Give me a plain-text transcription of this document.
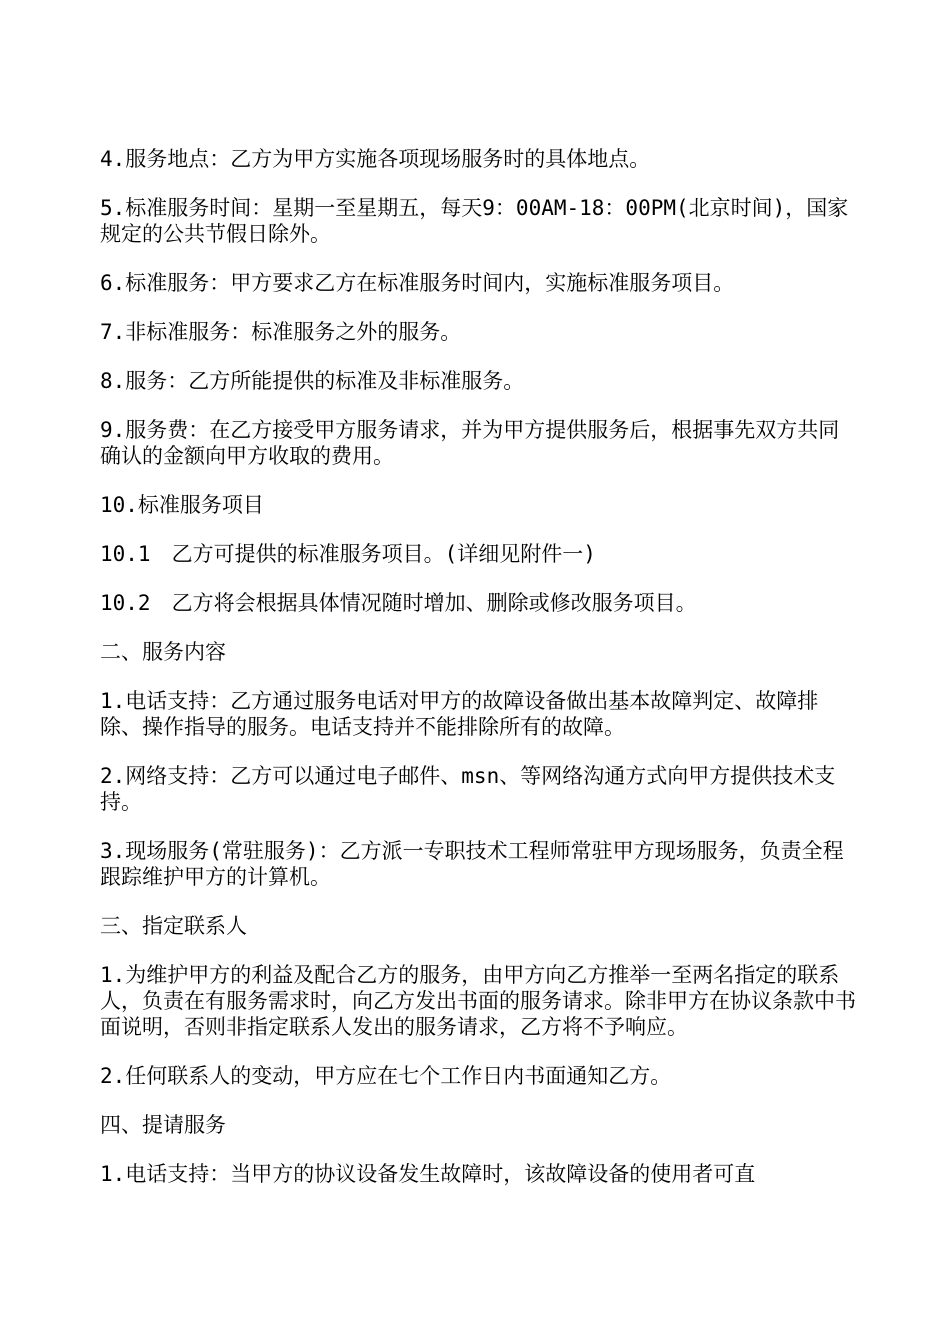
4.服务地点：乙方为甲方实施各项现场服务时的具体地点。

5.标准服务时间：星期一至星期五，每天9：00AM-18：00PM(北京时间)，国家规定的公共节假日除外。

6.标准服务：甲方要求乙方在标准服务时间内，实施标准服务项目。

7.非标准服务：标准服务之外的服务。

8.服务：乙方所能提供的标准及非标准服务。

9.服务费：在乙方接受甲方服务请求，并为甲方提供服务后，根据事先双方共同确认的金额向甲方收取的费用。

10.标准服务项目

10.1　乙方可提供的标准服务项目。(详细见附件一)

10.2　乙方将会根据具体情况随时增加、删除或修改服务项目。

二、服务内容

1.电话支持：乙方通过服务电话对甲方的故障设备做出基本故障判定、故障排除、操作指导的服务。电话支持并不能排除所有的故障。

2.网络支持：乙方可以通过电子邮件、msn、等网络沟通方式向甲方提供技术支持。

3.现场服务(常驻服务)：乙方派一专职技术工程师常驻甲方现场服务，负责全程跟踪维护甲方的计算机。

三、指定联系人

1.为维护甲方的利益及配合乙方的服务，由甲方向乙方推举一至两名指定的联系人，负责在有服务需求时，向乙方发出书面的服务请求。除非甲方在协议条款中书面说明，否则非指定联系人发出的服务请求，乙方将不予响应。

2.任何联系人的变动，甲方应在七个工作日内书面通知乙方。

四、提请服务

1.电话支持：当甲方的协议设备发生故障时，该故障设备的使用者可直
